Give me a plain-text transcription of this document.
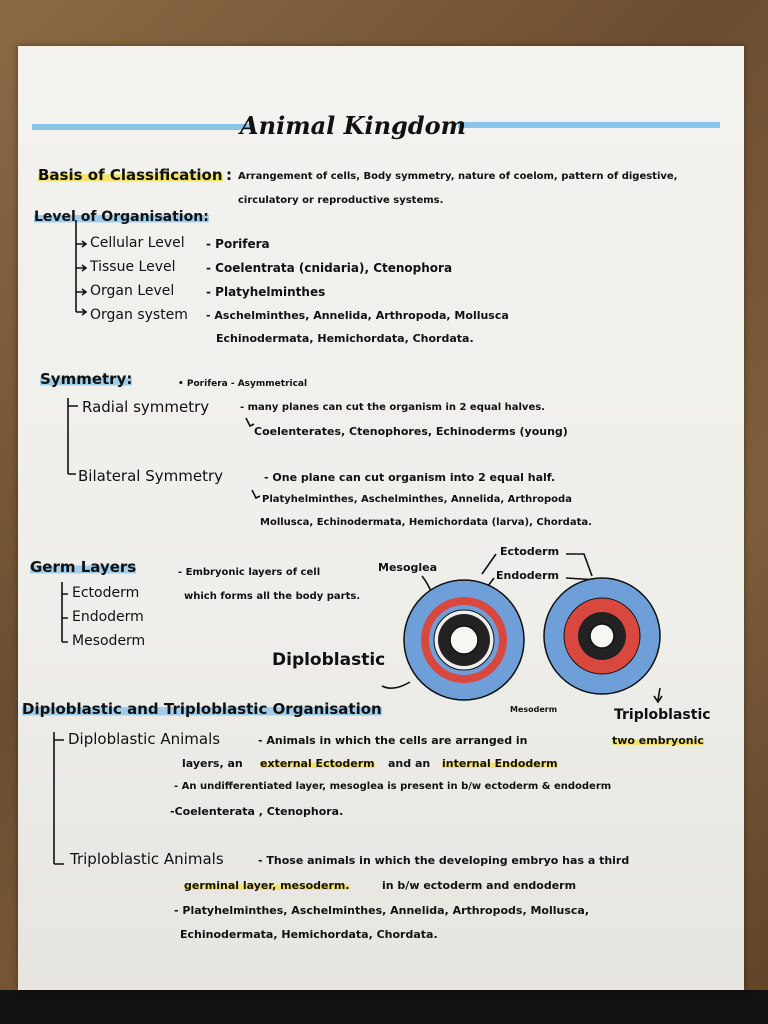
Animal Kingdom
Basis of Classification : Arrangement of cells, Body symmetry, nature of coelom, pattern of digestive,
circulatory or reproductive systems.
Level of Organisation:
Cellular Level - Porifera
Tissue Level	- Coelentrata (cnidaria), Ctenophora
Organ Level	- Platyhelminthes
Organ system - Aschelminthes, Annelida, Arthropoda, Mollusca
Echinodermata, Hemichordata, Chordata.
Symmetry:	• Porifera - Asymmetrical
Radial symmetry	- many planes can cut the organism in 2 equal halves.
Coelenterates, Ctenophores, Echinoderms (young)
Bilateral Symmetry	- One plane can cut organism into 2 equal half.
Platyhelminthes, Aschelminthes, Annelida, Arthropoda
Mollusca, Echinodermata, Hemichordata (larva), Chordata.
Germ Layers	- Embryonic layers of cell
which forms all the body parts.
Ectoderm
Endoderm
Mesoderm
Mesoglea
Ectoderm
Endoderm
Diploblastic
Mesoderm	Triploblastic
Diploblastic and Triploblastic Organisation
Diploblastic Animals	- Animals in which the cells are arranged in	two embryonic
layers, an external Ectoderm and an internal Endoderm
- An undifferentiated layer, mesoglea is present in b/w ectoderm & endoderm
-Coelenterata , Ctenophora.
Triploblastic Animals	- Those animals in which the developing embryo has a third
germinal layer, mesoderm.	in b/w ectoderm and endoderm
- Platyhelminthes, Aschelminthes, Annelida, Arthropods, Mollusca,
Echinodermata, Hemichordata, Chordata.
